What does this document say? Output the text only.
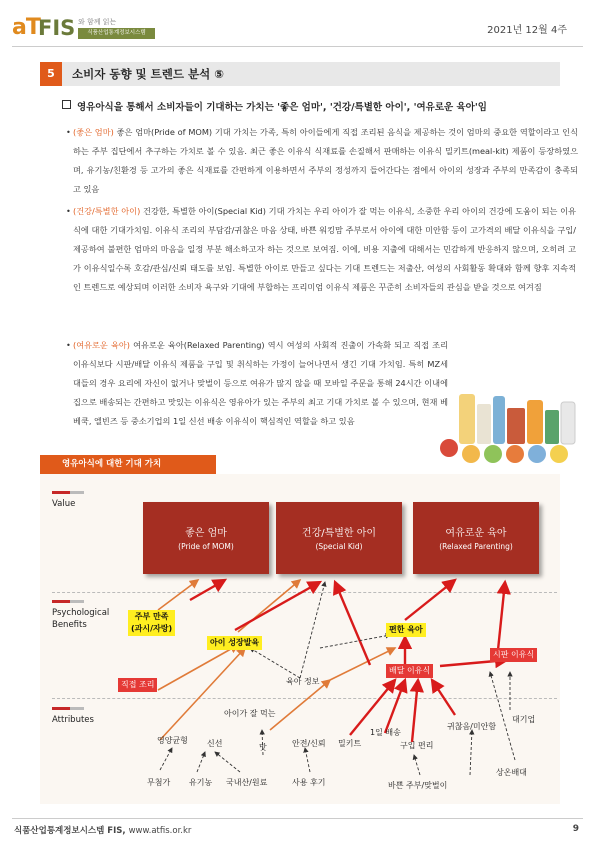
aT
FIS 와 함께 읽는
식품산업통계정보시스템	2021년 12월 4주
5	소비자 동향 및 트렌드 분석 ⑤
영유아식을 통해서 소비자들이 기대하는 가치는 '좋은 엄마', '건강/특별한 아이', '여유로운 육아'임
• (좋은 엄마) 좋은 엄마(Pride of MOM) 기대 가치는 가족, 특히 아이들에게 직접 조리된 음식을 제공하는 것이 엄마의 중요한 역할이라고 인식하는 주부 집단에서 추구하는 가치로 볼 수 있음. 최근 좋은 이유식 식재료를 손질해서 판매하는 이유식 밀키트(meal-kit) 제품이 등장하였으며, 유기농/친환경 등 고가의 좋은 식재료를 간편하게 이용하면서 주부의 정성까지 들어간다는 점에서 아이의 성장과 주부의 만족감이 충족되고 있음
• (건강/특별한 아이) 건강한, 특별한 아이(Special Kid) 기대 가치는 우리 아이가 잘 먹는 이유식, 소중한 우리 아이의 건강에 도움이 되는 이유식에 대한 기대가치임. 이유식 조리의 부담감/귀찮은 마음 상태, 바쁜 워킹맘 주부로서 아이에 대한 미안함 등이 고가격의 배달 이유식을 구입/제공하여 불편한 엄마의 마음을 일정 부분 해소하고자 하는 것으로 보여짐. 이에, 비용 지출에 대해서는 민감하게 반응하지 않으며, 오히려 고가 이유식일수록 호감/관심/신뢰 태도를 보임. 특별한 아이로 만들고 싶다는 기대 트렌드는 저출산, 여성의 사회활동 확대와 함께 향후 지속적인 트렌드로 예상되며 이러한 소비자 욕구와 기대에 부합하는 프리미엄 이유식 제품은 꾸준히 소비자들의 관심을 받을 것으로 여겨짐
• (여유로운 육아) 여유로운 육아(Relaxed Parenting) 역시 여성의 사회적 진출이 가속화 되고 직접 조리 이유식보다 시판/배달 이유식 제품을 구입 및 취식하는 가정이 늘어나면서 생긴 기대 가치임. 특히 MZ세대들의 경우 요리에 자신이 없거나 맞벌이 등으로 여유가 많지 않을 때 모바일 주문을 통해 24시간 이내에 집으로 배송되는 간편하고 맛있는 이유식은 영유아가 있는 주부의 최고 기대 가치로 볼 수 있으며, 현재 베베쿡, 엘빈즈 등 중소기업의 1일 신선 배송 이유식이 핵심적인 역할을 하고 있음
영유아식에 대한 기대 가치
Value
Psychological Benefits
Attributes
좋은 엄마
(Pride of MOM)
건강/특별한 아이
(Special Kid)
여유로운 육아
(Relaxed Parenting)
주부 만족
(과시/자랑)
아이 성장발육
편한 육아
배달 이유식
시판 이유식
직접 조리	육아 정보
아이가 잘 먹는
영양균형 신선	맛	안전/신뢰 밀키트
1일 배송
구입 편리
귀찮음/미안함
대기업
무첨가 유기농 국내산/원료	사용 후기	바쁜 주부/맞벌이
상온배대
식품산업통계정보시스템 FIS, www.atfis.or.kr	9
